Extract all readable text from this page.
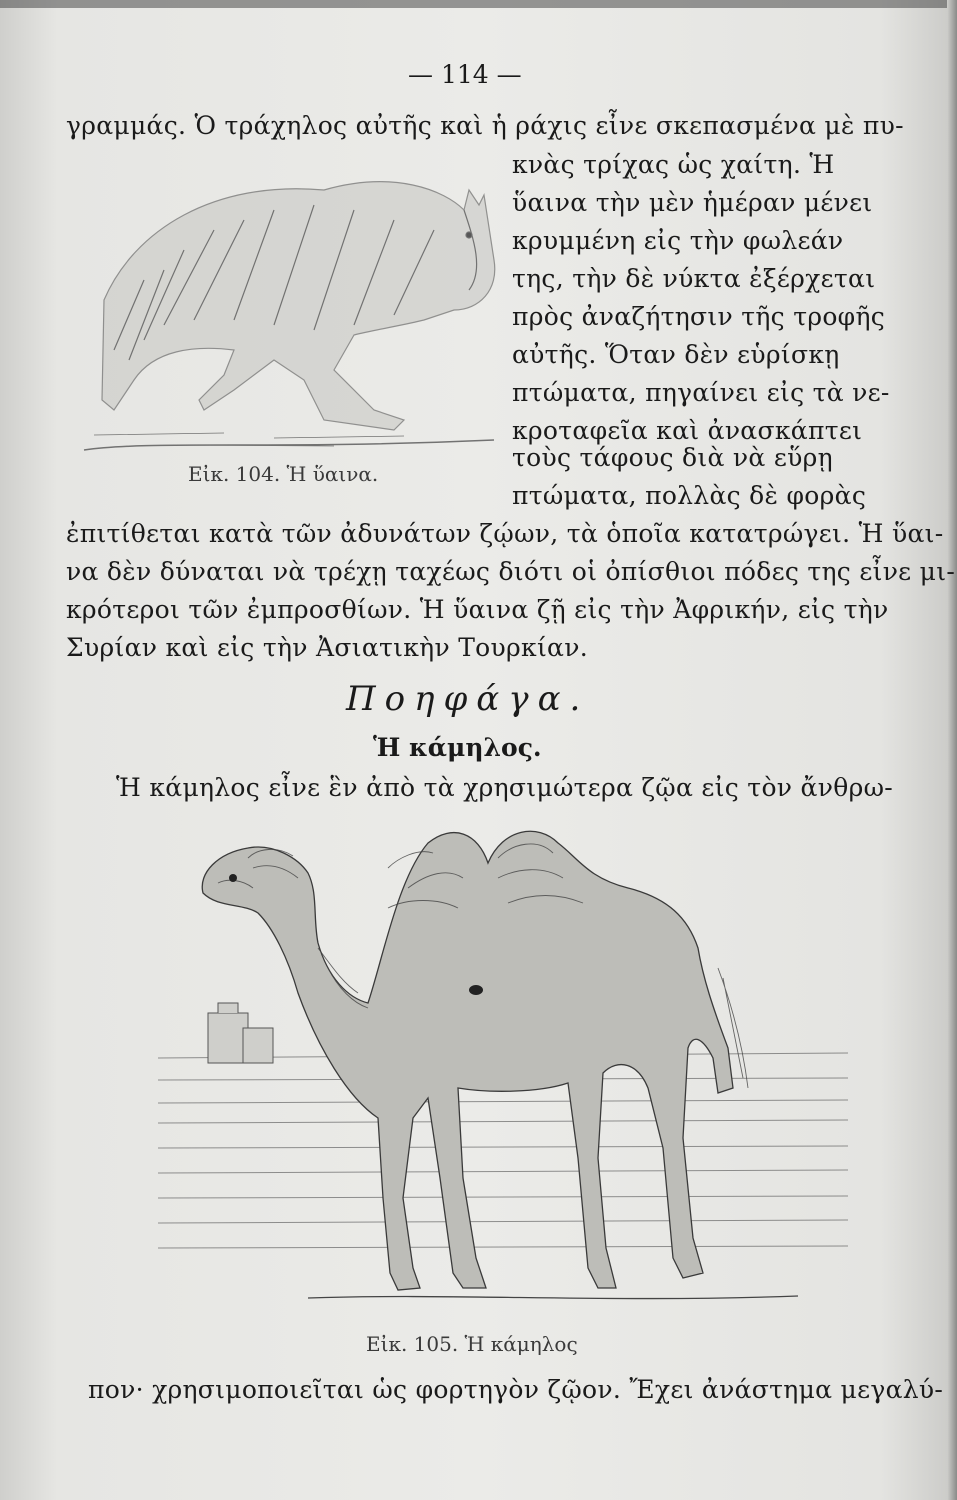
— 114 —
γραμμάς. Ὁ τράχηλος αὐτῆς καὶ ἡ ράχις εἶνε σκεπασμένα μὲ πυ-
κνὰς τρίχας ὡς χαίτη. Ἡ
ὕαινα τὴν μὲν ἡμέραν μένει
κρυμμένη εἰς τὴν φωλεάν
της, τὴν δὲ νύκτα ἐξέρχεται
πρὸς ἀναζήτησιν τῆς τροφῆς
αὐτῆς. Ὅταν δὲν εὑρίσκῃ
πτώματα, πηγαίνει εἰς τὰ νε-
κροταφεῖα καὶ ἀνασκάπτει
τοὺς τάφους διὰ νὰ εὕρῃ
πτώματα, πολλὰς δὲ φορὰς
ἐπιτίθεται κατὰ τῶν ἀδυνάτων ζῴων, τὰ ὁποῖα κατατρώγει. Ἡ ὕαι-
να δὲν δύναται νὰ τρέχῃ ταχέως διότι οἱ ὀπίσθιοι πόδες της εἶνε μι-
κρότεροι τῶν ἐμπροσθίων. Ἡ ὕαινα ζῇ εἰς τὴν Ἀφρικήν, εἰς τὴν
Συρίαν καὶ εἰς τὴν Ἀσιατικὴν Τουρκίαν.
Εἰκ. 104. Ἡ ὕαινα.
Ποηφάγα.
Ἡ κάμηλος.
Ἡ κάμηλος εἶνε ἓν ἀπὸ τὰ χρησιμώτερα ζῷα εἰς τὸν ἄνθρω-
Εἰκ. 105. Ἡ κάμηλος
πον· χρησιμοποιεῖται ὡς φορτηγὸν ζῷον. Ἔχει ἀνάστημα μεγαλύ-
